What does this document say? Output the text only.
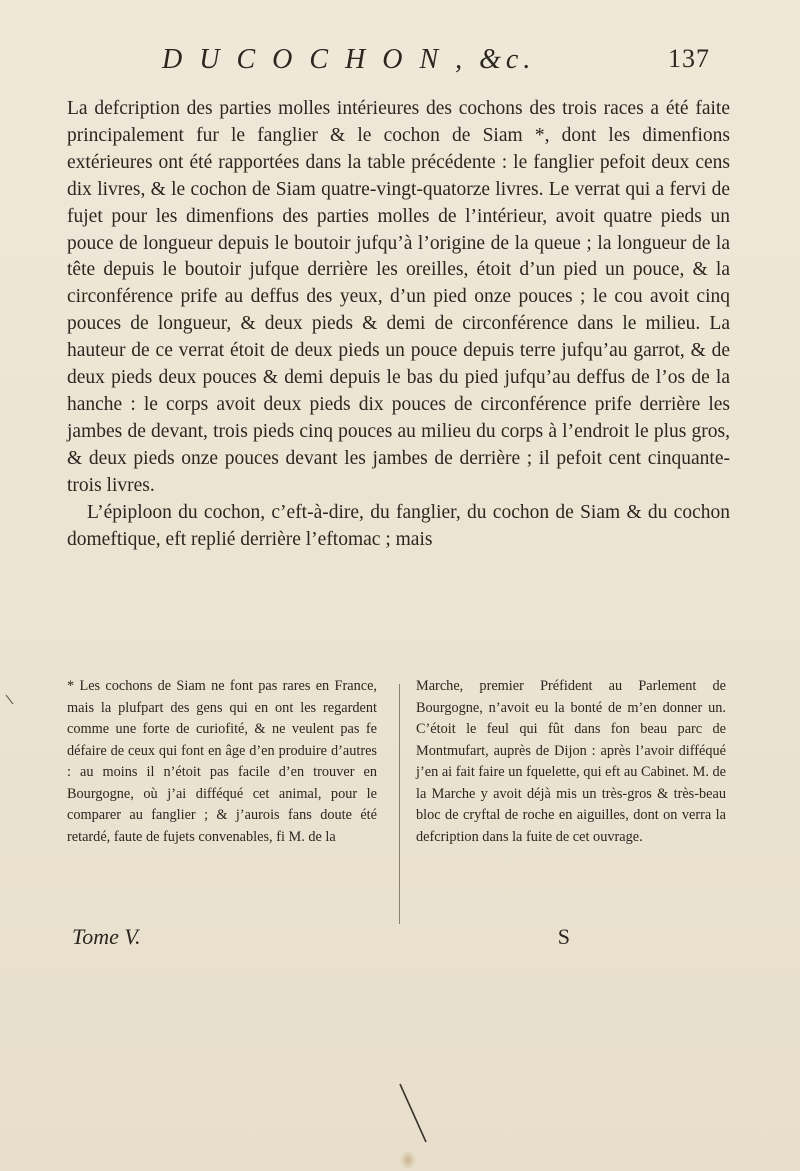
D U C O C H O N , &c.	137

La defcription des parties molles intérieures des cochons des trois races a été faite principalement fur le fanglier & le cochon de Siam *, dont les dimenfions extérieures ont été rapportées dans la table précédente : le fanglier pefoit deux cens dix livres, & le cochon de Siam quatre-vingt-quatorze livres. Le verrat qui a fervi de fujet pour les dimenfions des parties molles de l’intérieur, avoit quatre pieds un pouce de longueur depuis le boutoir jufqu’à l’origine de la queue ; la longueur de la tête depuis le boutoir jufque derrière les oreilles, étoit d’un pied un pouce, & la circonférence prife au deffus des yeux, d’un pied onze pouces ; le cou avoit cinq pouces de longueur, & deux pieds & demi de circonférence dans le milieu. La hauteur de ce verrat étoit de deux pieds un pouce depuis terre jufqu’au garrot, & de deux pieds deux pouces & demi depuis le bas du pied jufqu’au deffus de l’os de la hanche : le corps avoit deux pieds dix pouces de circonférence prife derrière les jambes de devant, trois pieds cinq pouces au milieu du corps à l’endroit le plus gros, & deux pieds onze pouces devant les jambes de derrière ; il pefoit cent cinquante-trois livres.

L’épiploon du cochon, c’eft-à-dire, du fanglier, du cochon de Siam & du cochon domeftique, eft replié derrière l’eftomac ; mais

* Les cochons de Siam ne font pas rares en France, mais la plufpart des gens qui en ont les regardent comme une forte de curiofité, & ne veulent pas fe défaire de ceux qui font en âge d’en produire d’autres : au moins il n’étoit pas facile d’en trouver en Bourgogne, où j’ai difféqué cet animal, pour le comparer au fanglier ; & j’aurois fans doute été retardé, faute de fujets convenables, fi M. de la
Marche, premier Préfident au Parlement de Bourgogne, n’avoit eu la bonté de m’en donner un. C’étoit le feul qui fût dans fon beau parc de Montmufart, auprès de Dijon : après l’avoir difféqué j’en ai fait faire un fquelette, qui eft au Cabinet. M. de la Marche y avoit déjà mis un très-gros & très-beau bloc de cryftal de roche en aiguilles, dont on verra la defcription dans la fuite de cet ouvrage.
Tome V.	S
